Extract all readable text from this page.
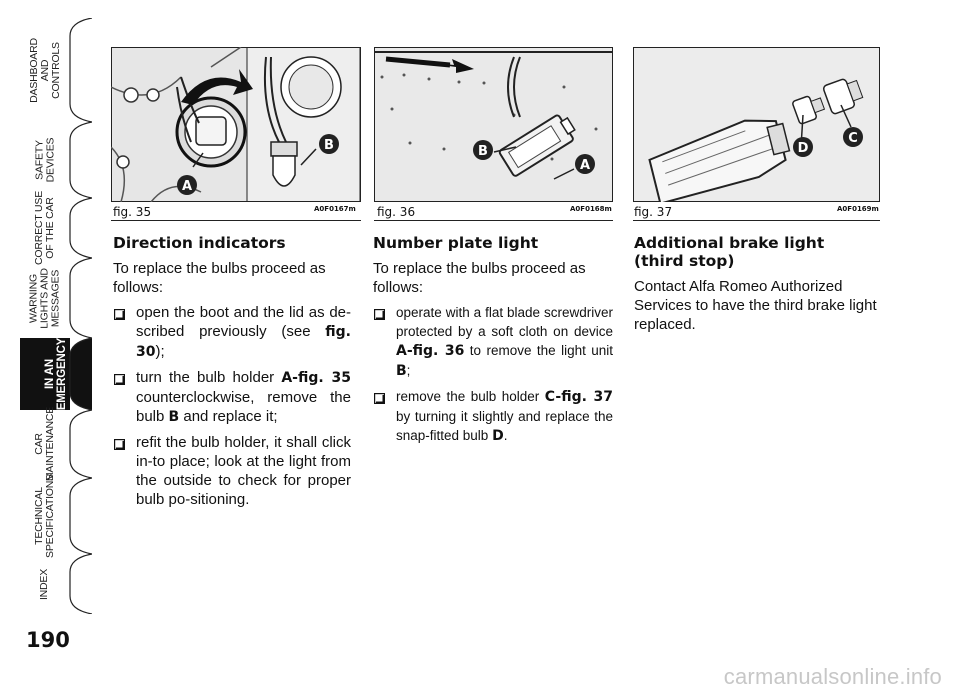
DASHBOARD
AND
CONTROLS
SAFETY
DEVICES
CORRECT USE
OF THE CAR
WARNING
LIGHTS AND
MESSAGES
IN AN
EMERGENCY
CAR
MAINTENANCE
TECHNICAL
SPECIFICATIONS
INDEX
190
B
A
fig. 35	A0F0167m
B
A
fig. 36	A0F0168m
D
C
fig. 37	A0F0169m
Direction indicators

To replace the bulbs proceed as follows:

open the boot and the lid as de-scribed previously (see fig. 30);
turn the bulb holder A-fig. 35 counterclockwise, remove the bulb B and replace it;
refit the bulb holder, it shall click in-to place; look at the light from the outside to check for proper bulb po-sitioning.
Number plate light

To replace the bulbs proceed as follows:

operate with a flat blade screwdriver protected by a soft cloth on device A-fig. 36 to remove the light unit B;
remove the bulb holder C-fig. 37 by turning it slightly and replace the snap-fitted bulb D.
Additional brake light
(third stop)

Contact Alfa Romeo Authorized Services to have the third brake light replaced.

carmanualsonline.info
